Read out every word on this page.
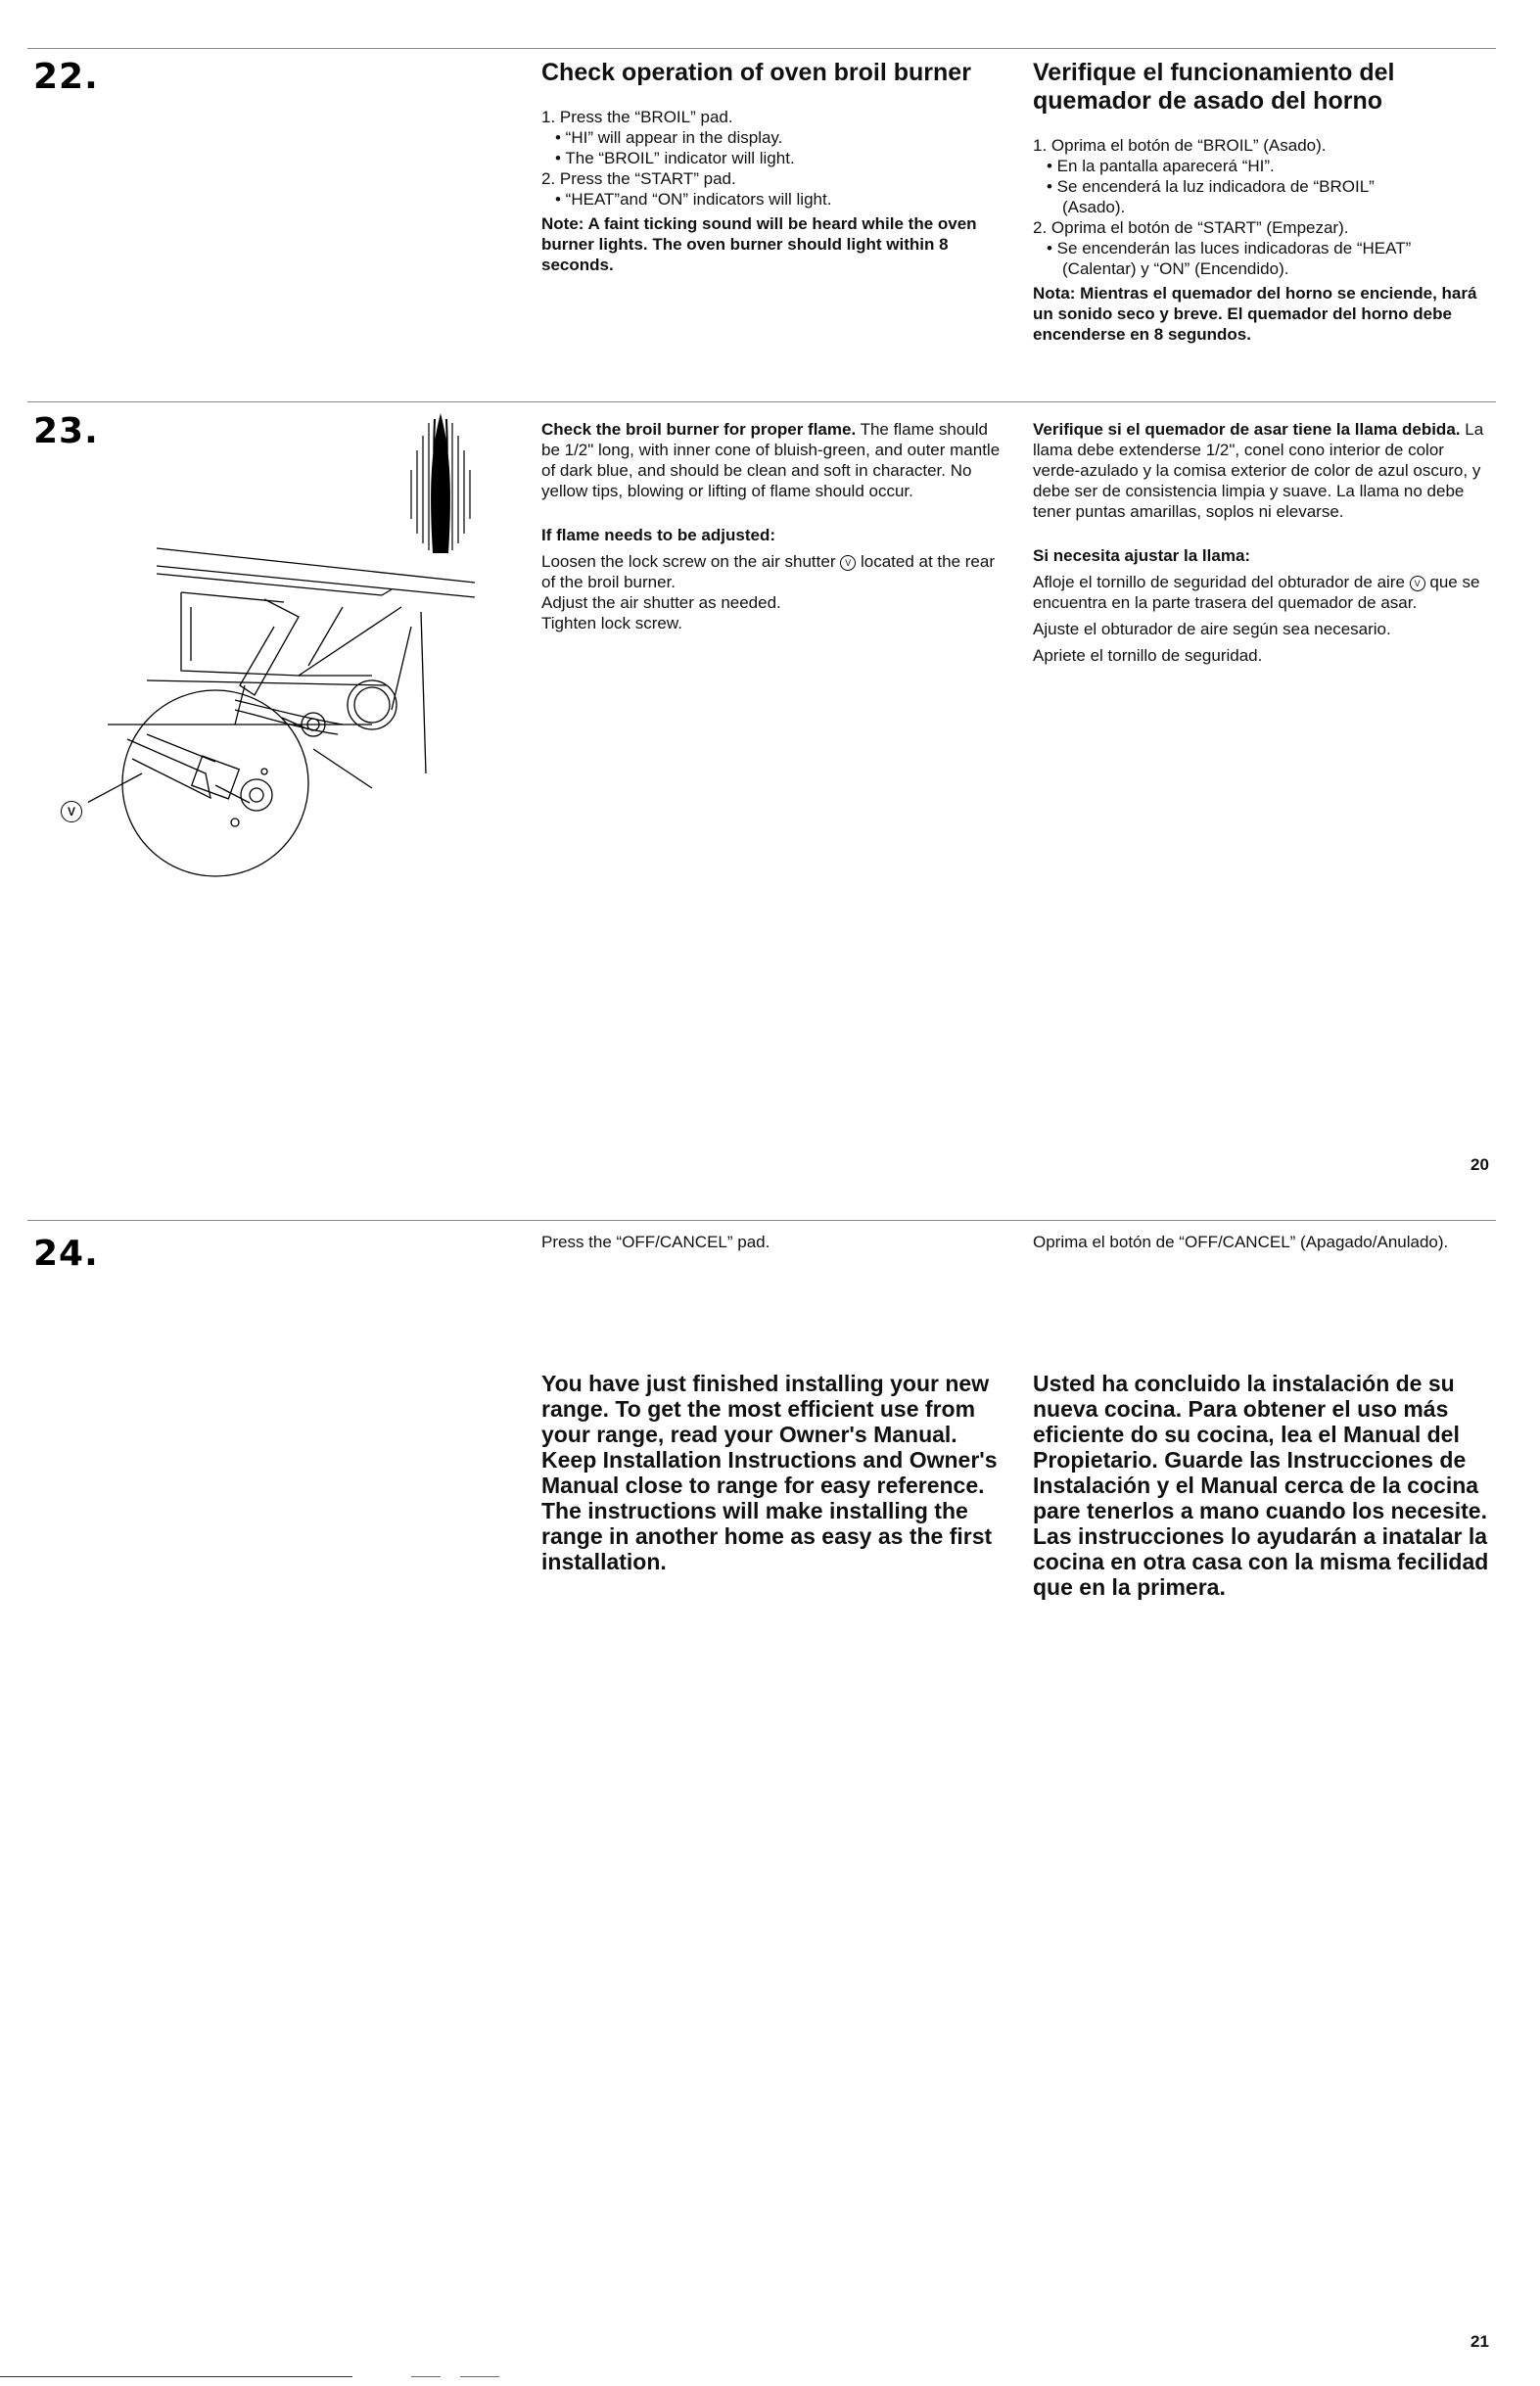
22.	Check operation of oven broil burner
1. Press the “BROIL” pad.
• “HI” will appear in the display.
• The “BROIL” indicator will light.
2. Press the “START” pad.
• “HEAT”and “ON” indicators will light.

Note: A faint ticking sound will be heard while the oven burner lights. The oven burner should light within 8 seconds.

Verifique el funcionamiento del quemador de asado del horno
1. Oprima el botón de “BROIL” (Asado).
• En la pantalla aparecerá “HI”.
• Se encenderá la luz indicadora de “BROIL”
(Asado).
2. Oprima el botón de “START” (Empezar).
• Se encenderán las luces indicadoras de “HEAT”
(Calentar) y “ON” (Encendido).

Nota: Mientras el quemador del horno se enciende, hará un sonido seco y breve. El quemador del horno debe encenderse en 8 segundos.

23.
V

Check the broil burner for proper flame. The flame should be 1/2" long, with inner cone of bluish-green, and outer mantle of dark blue, and should be clean and soft in character. No yellow tips, blowing or lifting of flame should occur.

If flame needs to be adjusted:

Loosen the lock screw on the air shutter V located at the rear of the broil burner.

Adjust the air shutter as needed.

Tighten lock screw.

Verifique si el quemador de asar tiene la llama debida. La llama debe extenderse 1/2", conel cono interior de color verde-azulado y la comisa exterior de color de azul oscuro, y debe ser de consistencia limpia y suave. La llama no debe tener puntas amarillas, soplos ni elevarse.

Si necesita ajustar la llama:

Afloje el tornillo de seguridad del obturador de aire V que se encuentra en la parte trasera del quemador de asar.

Ajuste el obturador de aire según sea necesario.

Apriete el tornillo de seguridad.

20
24.	Press the “OFF/CANCEL” pad.	Oprima el botón de “OFF/CANCEL” (Apagado/Anulado).
You have just finished installing your new range. To get the most efficient use from your range, read your Owner's Manual. Keep Installation Instructions and Owner's Manual close to range for easy reference. The instructions will make installing the range in another home as easy as the first installation.
Usted ha concluido la instalación de su nueva cocina. Para obtener el uso más eficiente do su cocina, lea el Manual del Propietario. Guarde las Instrucciones de Instalación y el Manual cerca de la cocina pare tenerlos a mano cuando los necesite. Las instrucciones lo ayudarán a inatalar la cocina en otra casa con la misma fecilidad que en la primera.
21
